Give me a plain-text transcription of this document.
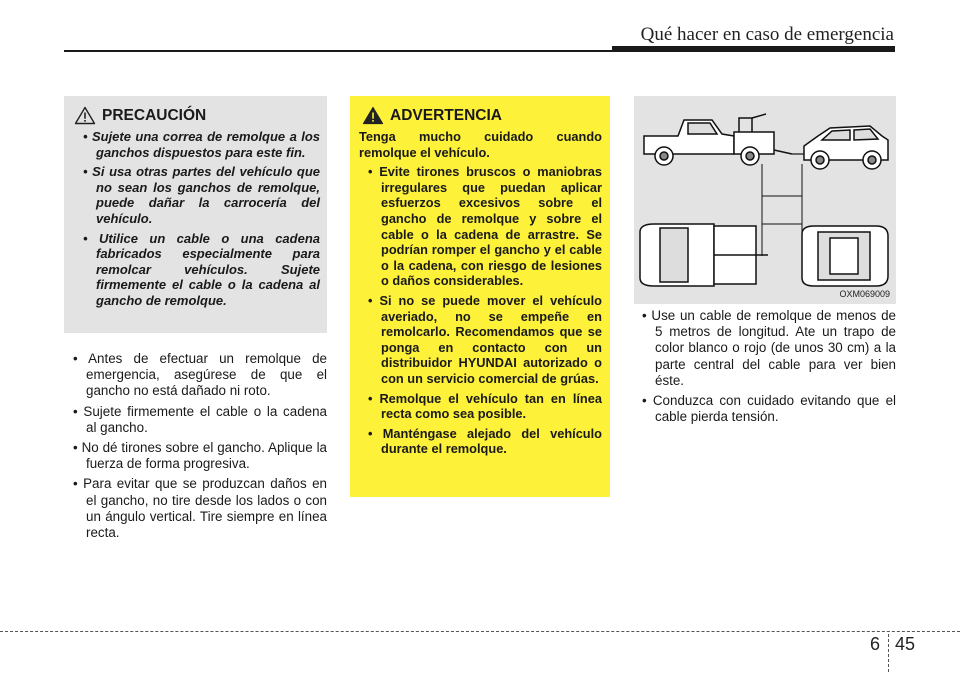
Qué hacer en caso de emergencia
PRECAUCIÓN
• Sujete una correa de remolque a los ganchos dispuestos para este fin.
• Si usa otras partes del vehículo que no sean los ganchos de remolque, puede dañar la carrocería del vehículo.
• Utilice un cable o una cadena fabricados especialmente para remolcar vehículos. Sujete firmemente el cable o la cadena al gancho de remolque.
• Antes de efectuar un remolque de emergencia, asegúrese de que el gancho no está dañado ni roto.
• Sujete firmemente el cable o la cadena al gancho.
• No dé tirones sobre el gancho. Aplique la fuerza de forma progresiva.
• Para evitar que se produzcan daños en el gancho, no tire desde los lados o con un ángulo vertical. Tire siempre en línea recta.
ADVERTENCIA

Tenga mucho cuidado cuando remolque el vehículo.

• Evite tirones bruscos o maniobras irregulares que puedan aplicar esfuerzos excesivos sobre el gancho de remolque y sobre el cable o la cadena de arrastre. Se podrían romper el gancho y el cable o la cadena, con riesgo de lesiones o daños considerables.
• Si no se puede mover el vehículo averiado, no se empeñe en remolcarlo. Recomendamos que se ponga en contacto con un distribuidor HYUNDAI autorizado o con un servicio comercial de grúas.
• Remolque el vehículo tan en línea recta como sea posible.
• Manténgase alejado del vehículo durante el remolque.
OXM069009
• Use un cable de remolque de menos de 5 metros de longitud. Ate un trapo de color blanco o rojo (de unos 30 cm) a la parte central del cable para ver bien éste.
• Conduzca con cuidado evitando que el cable pierda tensión.
6 45
